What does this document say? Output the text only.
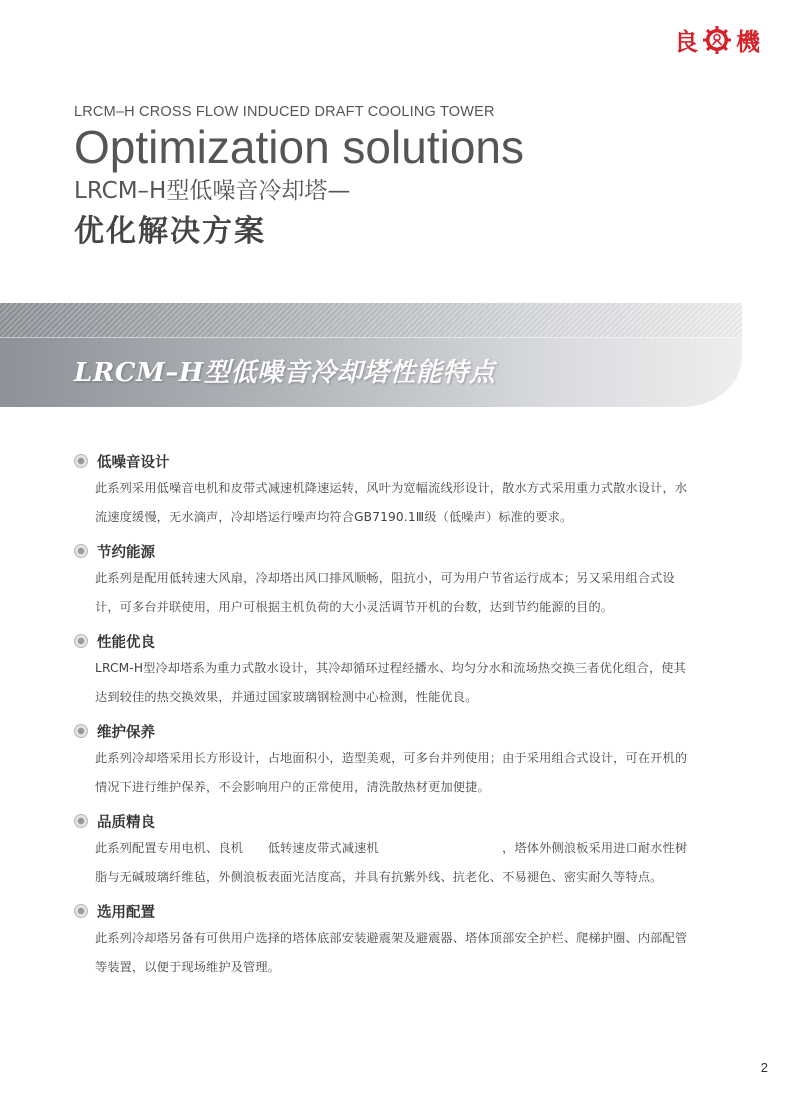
良 機
LRCM–H CROSS FLOW INDUCED DRAFT COOLING TOWER
Optimization solutions
LRCM–H型低噪音冷却塔—
优化解决方案
LRCM–H型低噪音冷却塔性能特点
低噪音设计
此系列采用低噪音电机和皮带式减速机降速运转，风叶为宽幅流线形设计，散水方式采用重力式散水设计，水
流速度缓慢，无水滴声，冷却塔运行噪声均符合GB7190.1Ⅲ级（低噪声）标准的要求。
节约能源
此系列是配用低转速大风扇，冷却塔出风口排风顺畅，阻抗小，可为用户节省运行成本；另又采用组合式设
计，可多台并联使用，用户可根据主机负荷的大小灵活调节开机的台数，达到节约能源的目的。
性能优良
LRCM-H型冷却塔系为重力式散水设计，其冷却循环过程经播水、均匀分水和流场热交换三者优化组合，使其
达到较佳的热交换效果，并通过国家玻璃钢检测中心检测，性能优良。
维护保养
此系列冷却塔采用长方形设计，占地面积小，造型美观，可多台并列使用；由于采用组合式设计，可在开机的
情况下进行维护保养，不会影响用户的正常使用，清洗散热材更加便捷。
品质精良
此系列配置专用电机、良机　　低转速皮带式减速机　　　　　　　　　　，塔体外侧浪板采用进口耐水性树
脂与无碱玻璃纤维毡，外侧浪板表面光洁度高，并具有抗紫外线、抗老化、不易褪色、密实耐久等特点。
选用配置
此系列冷却塔另备有可供用户选择的塔体底部安装避震架及避震器、塔体顶部安全护栏、爬梯护圈、内部配管
等装置，以便于现场维护及管理。
2
